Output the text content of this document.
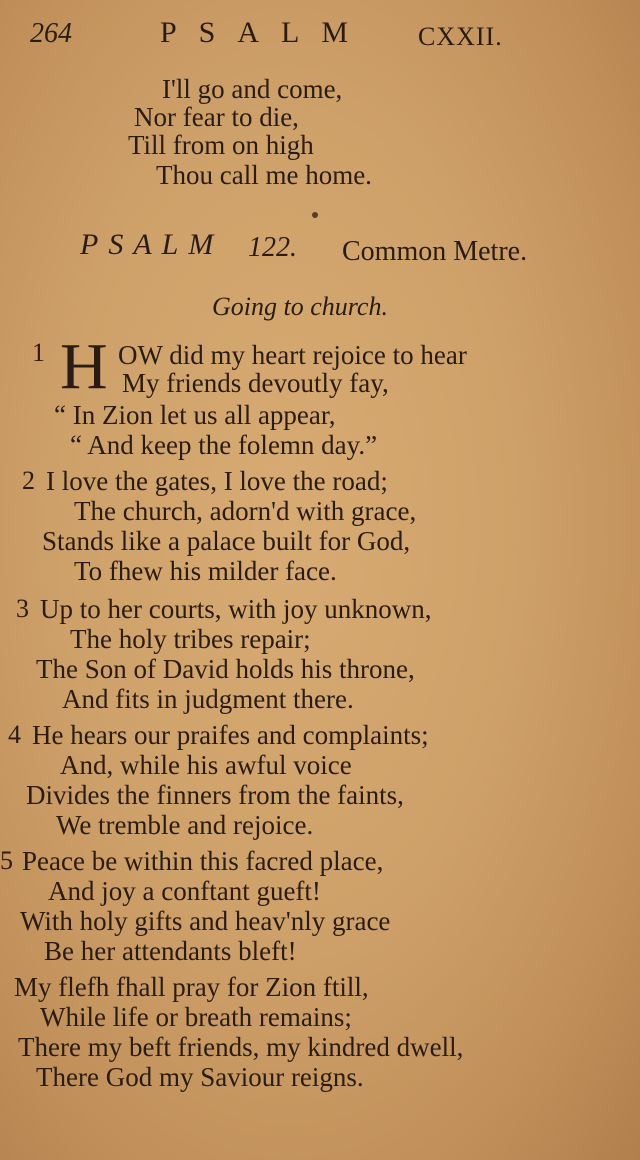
264	PSALM CXXII.
I'll go and come,
Nor fear to die,
Till from on high
Thou call me home.
PSALM 122. Common Metre.
Going to church.
1 H OW did my heart rejoice to hear
My friends devoutly fay,
“ In Zion let us all appear,
“ And keep the folemn day.”
2 I love the gates, I love the road;
The church, adorn'd with grace,
Stands like a palace built for God,
To fhew his milder face.
3 Up to her courts, with joy unknown,
The holy tribes repair;
The Son of David holds his throne,
And fits in judgment there.
4 He hears our praifes and complaints;
And, while his awful voice
Divides the finners from the faints,
We tremble and rejoice.
5 Peace be within this facred place,
And joy a conftant gueft!
With holy gifts and heav'nly grace
Be her attendants bleft!
My flefh fhall pray for Zion ftill,
While life or breath remains;
There my beft friends, my kindred dwell,
There God my Saviour reigns.
